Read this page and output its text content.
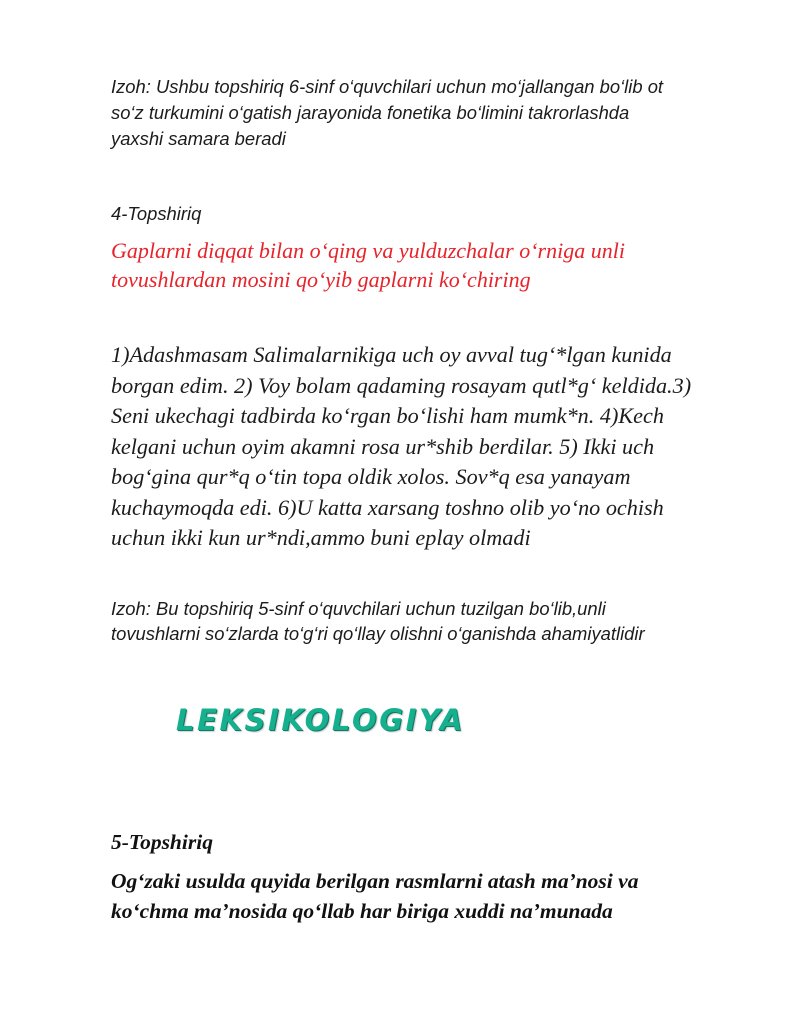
Izoh: Ushbu topshiriq 6-sinf o‘quvchilari uchun mo‘jallangan bo‘lib ot
so‘z turkumini o‘gatish jarayonida fonetika bo‘limini takrorlashda
yaxshi samara beradi
4-Topshiriq
Gaplarni diqqat bilan o‘qing va yulduzchalar o‘rniga unli
tovushlardan mosini qo‘yib gaplarni ko‘chiring
1)Adashmasam Salimalarnikiga uch oy avval tug‘*lgan kunida
borgan edim. 2) Voy bolam qadaming rosayam qutl*g‘ keldida.3)
Seni ukechagi tadbirda ko‘rgan bo‘lishi ham mumk*n. 4)Kech
kelgani uchun oyim akamni rosa ur*shib berdilar. 5) Ikki uch
bog‘gina qur*q o‘tin topa oldik xolos. Sov*q esa yanayam
kuchaymoqda edi. 6)U katta xarsang toshno olib yo‘no ochish
uchun ikki kun ur*ndi,ammo buni eplay olmadi
Izoh: Bu topshiriq 5-sinf o‘quvchilari uchun tuzilgan bo‘lib,unli
tovushlarni so‘zlarda to‘g‘ri qo‘llay olishni o‘ganishda ahamiyatlidir
LEKSIKOLOGIYA
5-Topshiriq
Og‘zaki usulda quyida berilgan rasmlarni atash ma’nosi va
ko‘chma ma’nosida qo‘llab har biriga xuddi na’munada
